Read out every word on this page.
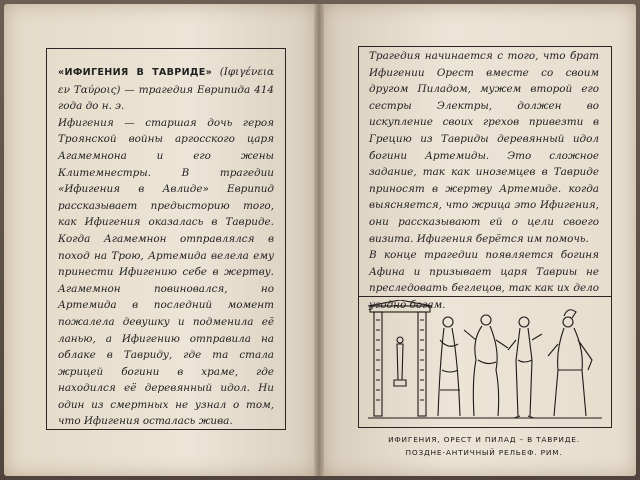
«ИФИГЕНИЯ В ТАВРИДЕ» (Ιφιγένεια εν Ταύροις) — трагедия Еврипида 414 года до н. э.
Ифигения — старшая дочь героя Троянской войны аргосского царя Агамемнона и его жены Клитемнестры. В трагедии «Ифигения в Авлиде» Еврипид рассказывает предысторию того, как Ифигения оказалась в Тавриде. Когда Агамемнон отправлялся в поход на Трою, Артемида велела ему принести Ифигению себе в жертву. Агамемнон повиновался, но Артемида в последний момент пожалела девушку и подменила её ланью, а Ифигению отправила на облаке в Тавриду, где та стала жрицей богини в храме, где находился её деревянный идол. Ни один из смертных не узнал о том, что Ифигения осталась жива.
Трагедия начинается с того, что брат Ифигении Орест вместе со своим другом Пиладом, мужем второй его сестры Электры, должен во искупление своих грехов привезти в Грецию из Тавриды деревянный идол богини Артемиды. Это сложное задание, так как иноземцев в Тавриде приносят в жертву Артемиде. когда выясняется, что жрица это Ифигения, они рассказывают ей о цели своего визита. Ифигения берётся им помочь.
В конце трагедии появляется богиня Афина и призывает царя Тавриы не преследовать беглецов, так как их дело угодно богам.
ИФИГЕНИЯ, ОРЕСТ И ПИЛАД – В ТАВРИДЕ.
ПОЗДНЕ-АНТИЧНЫЙ РЕЛЬЕФ. РИМ.
